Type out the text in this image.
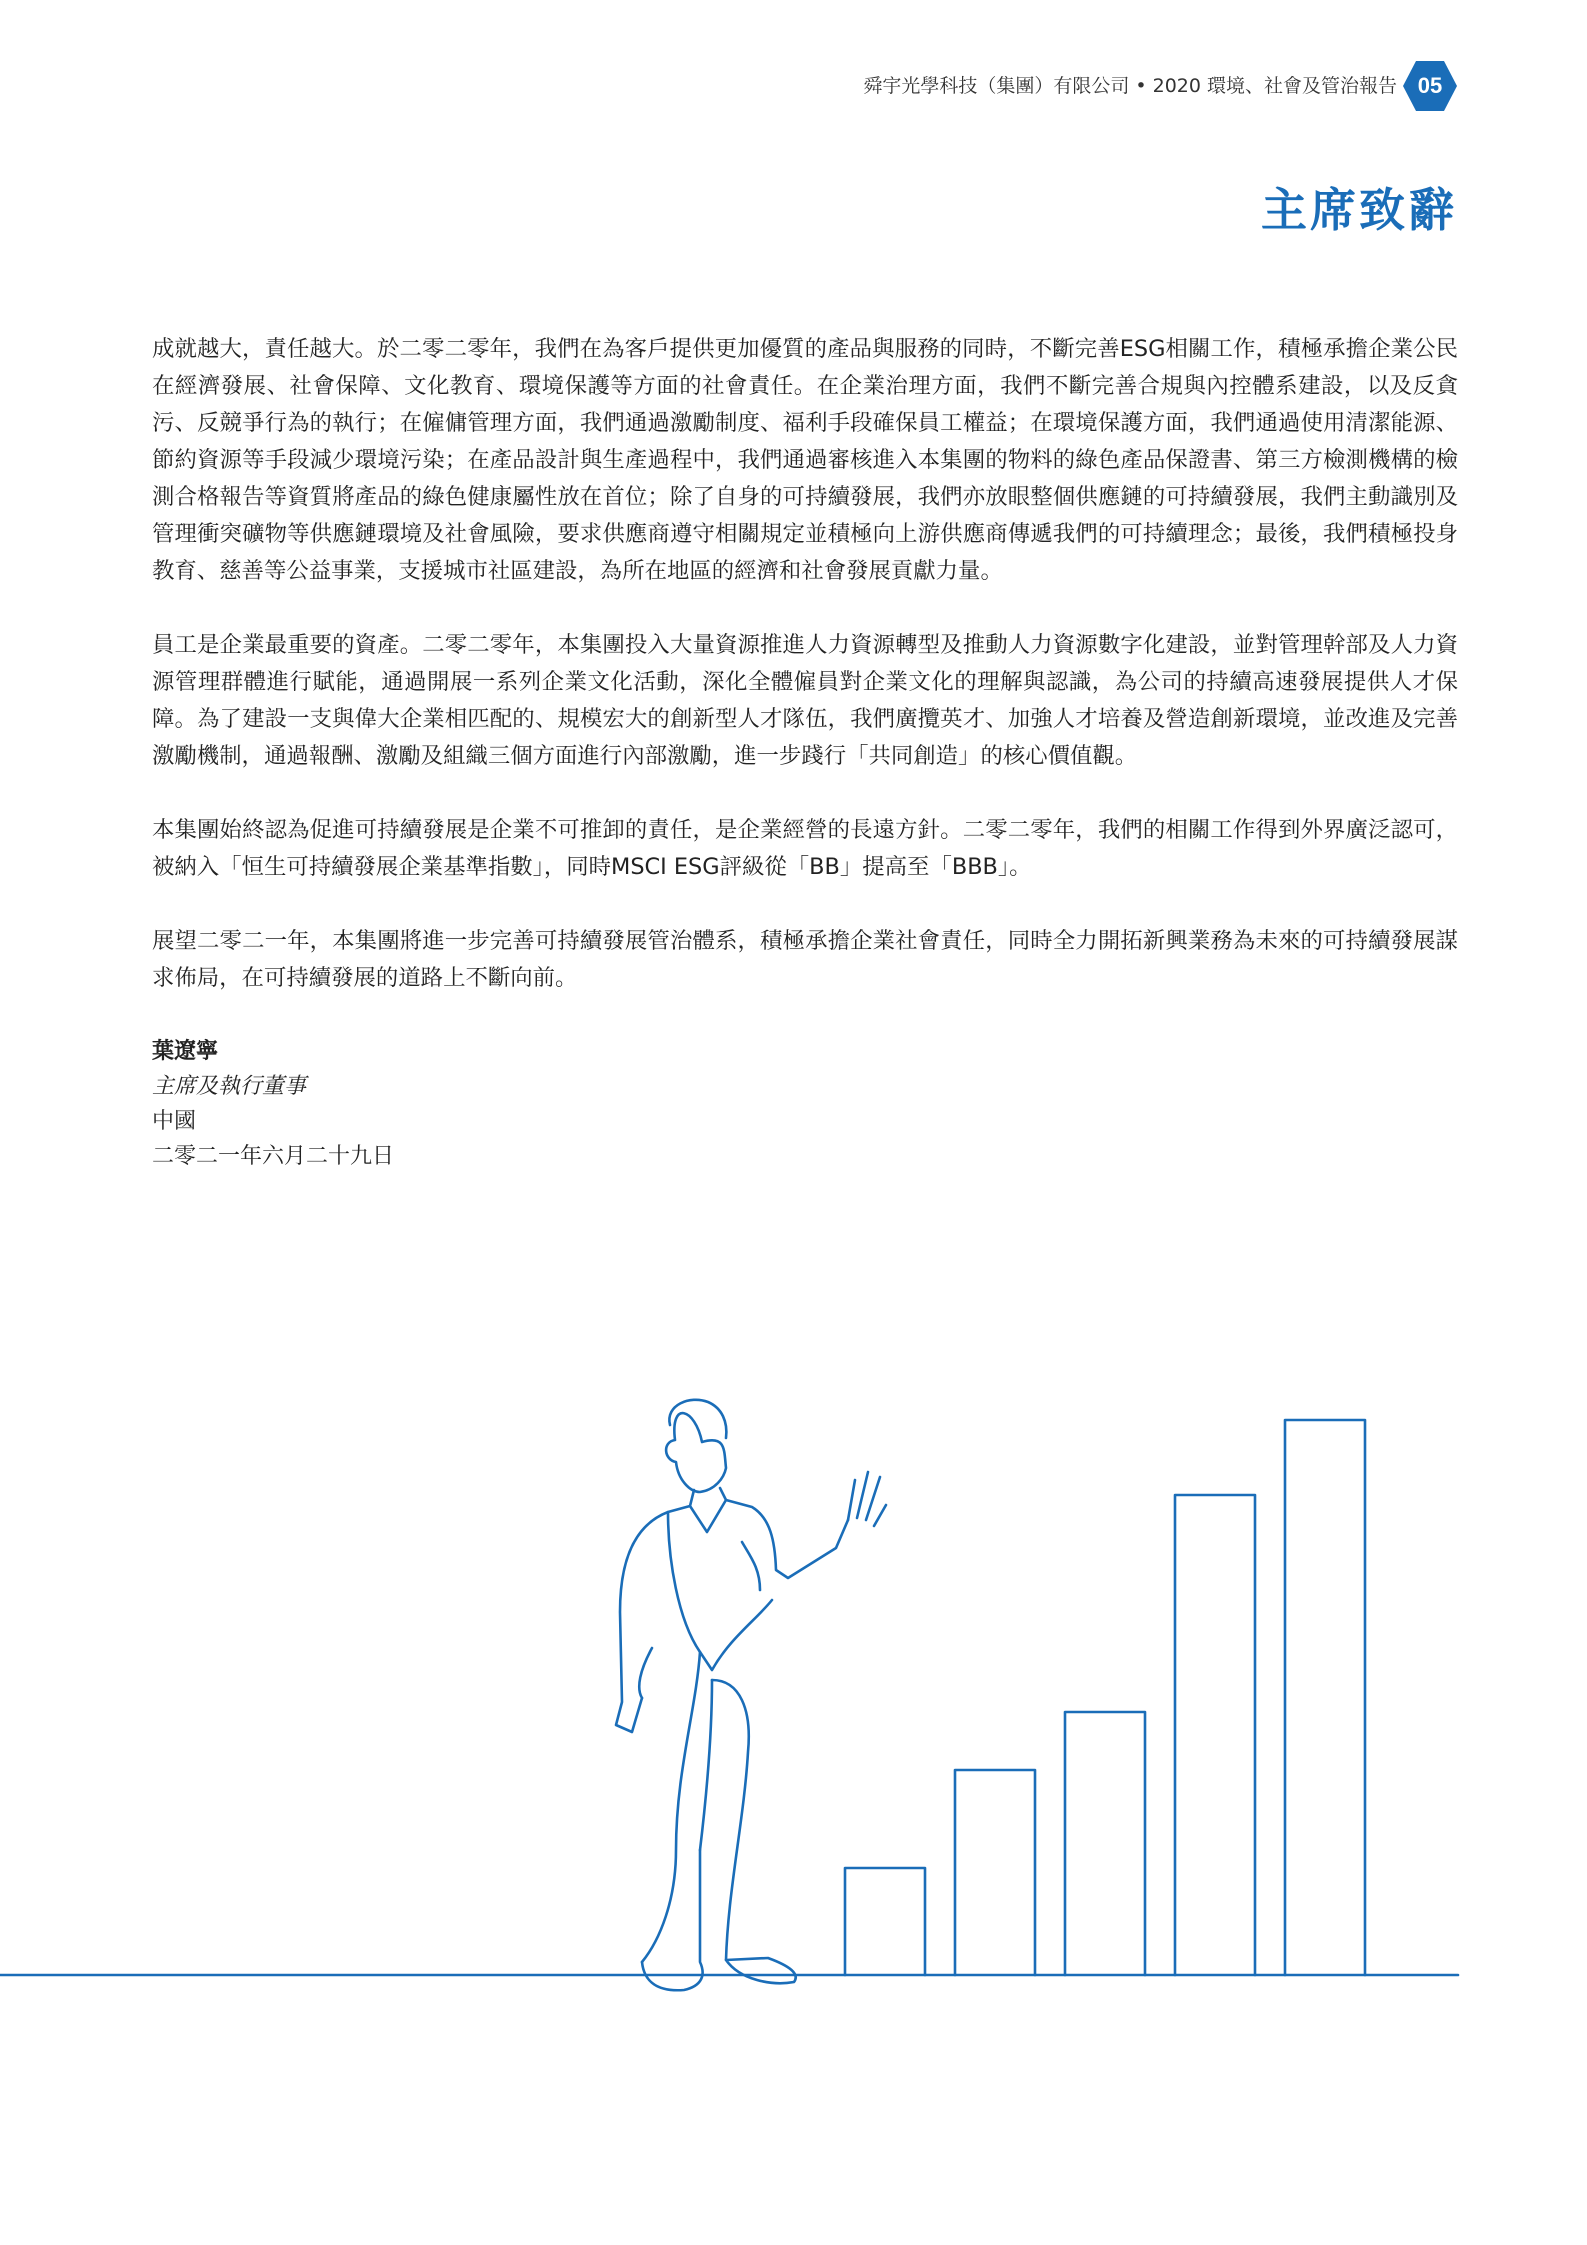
舜宇光學科技（集團）有限公司 • 2020 環境、社會及管治報告 05
主席致辭

成就越大，責任越大。於二零二零年，我們在為客戶提供更加優質的產品與服務的同時，不斷完善ESG相關工作，積極承擔企業公民在經濟發展、社會保障、文化教育、環境保護等方面的社會責任。在企業治理方面，我們不斷完善合規與內控體系建設，以及反貪污、反競爭行為的執行；在僱傭管理方面，我們通過激勵制度、福利手段確保員工權益；在環境保護方面，我們通過使用清潔能源、節約資源等手段減少環境污染；在產品設計與生產過程中，我們通過審核進入本集團的物料的綠色產品保證書、第三方檢測機構的檢測合格報告等資質將產品的綠色健康屬性放在首位；除了自身的可持續發展，我們亦放眼整個供應鏈的可持續發展，我們主動識別及管理衝突礦物等供應鏈環境及社會風險，要求供應商遵守相關規定並積極向上游供應商傳遞我們的可持續理念；最後，我們積極投身教育、慈善等公益事業，支援城市社區建設，為所在地區的經濟和社會發展貢獻力量。

員工是企業最重要的資產。二零二零年，本集團投入大量資源推進人力資源轉型及推動人力資源數字化建設，並對管理幹部及人力資源管理群體進行賦能，通過開展一系列企業文化活動，深化全體僱員對企業文化的理解與認識，為公司的持續高速發展提供人才保障。為了建設一支與偉大企業相匹配的、規模宏大的創新型人才隊伍，我們廣攬英才、加強人才培養及營造創新環境，並改進及完善激勵機制，通過報酬、激勵及組織三個方面進行內部激勵，進一步踐行「共同創造」的核心價值觀。

本集團始終認為促進可持續發展是企業不可推卸的責任，是企業經營的長遠方針。二零二零年，我們的相關工作得到外界廣泛認可，被納入「恒生可持續發展企業基準指數」，同時MSCI ESG評級從「BB」提高至「BBB」。

展望二零二一年，本集團將進一步完善可持續發展管治體系，積極承擔企業社會責任，同時全力開拓新興業務為未來的可持續發展謀求佈局，在可持續發展的道路上不斷向前。

葉遼寧
主席及執行董事
中國
二零二一年六月二十九日
